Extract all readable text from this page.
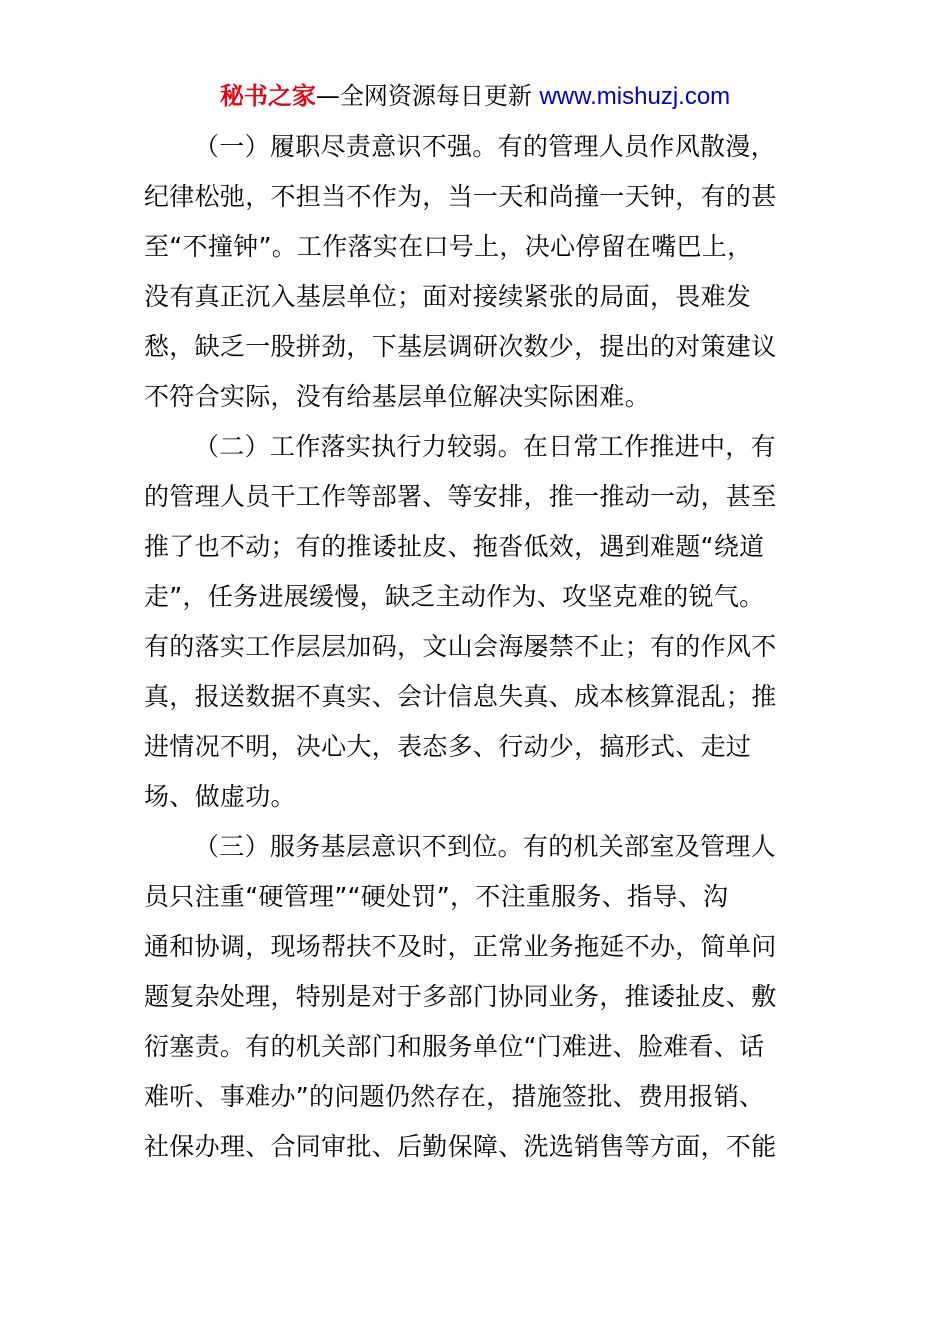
秘书之家—全网资源每日更新 www.mishuzj.com

（一）履职尽责意识不强。有的管理人员作风散漫，
纪律松弛，不担当不作为，当一天和尚撞一天钟，有的甚
至“不撞钟”。工作落实在口号上，决心停留在嘴巴上，
没有真正沉入基层单位；面对接续紧张的局面，畏难发
愁，缺乏一股拼劲，下基层调研次数少，提出的对策建议
不符合实际，没有给基层单位解决实际困难。

（二）工作落实执行力较弱。在日常工作推进中，有
的管理人员干工作等部署、等安排，推一推动一动，甚至
推了也不动；有的推诿扯皮、拖沓低效，遇到难题“绕道
走”，任务进展缓慢，缺乏主动作为、攻坚克难的锐气。
有的落实工作层层加码，文山会海屡禁不止；有的作风不
真，报送数据不真实、会计信息失真、成本核算混乱；推
进情况不明，决心大，表态多、行动少，搞形式、走过
场、做虚功。

（三）服务基层意识不到位。有的机关部室及管理人
员只注重“硬管理”“硬处罚”，不注重服务、指导、沟
通和协调，现场帮扶不及时，正常业务拖延不办，简单问
题复杂处理，特别是对于多部门协同业务，推诿扯皮、敷
衍塞责。有的机关部门和服务单位“门难进、脸难看、话
难听、事难办”的问题仍然存在，措施签批、费用报销、
社保办理、合同审批、后勤保障、洗选销售等方面，不能
